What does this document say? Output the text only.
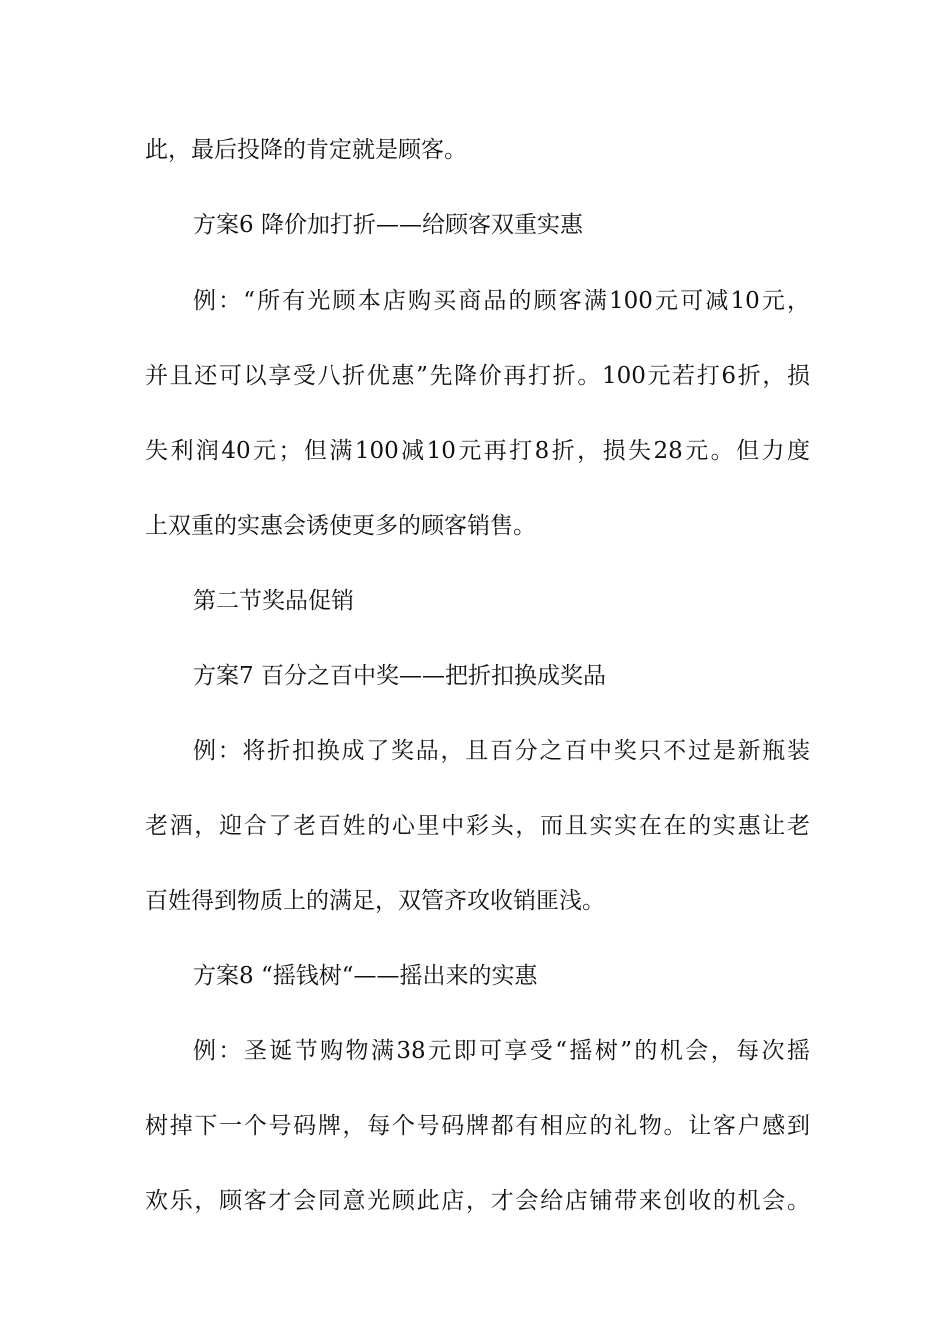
此，最后投降的肯定就是顾客。
方案6 降价加打折——给顾客双重实惠
例：“所有光顾本店购买商品的顾客满100元可减10元，
并且还可以享受八折优惠”先降价再打折。100元若打6折，损
失利润40元；但满100减10元再打8折，损失28元。但力度
上双重的实惠会诱使更多的顾客销售。
第二节奖品促销
方案7 百分之百中奖——把折扣换成奖品
例：将折扣换成了奖品，且百分之百中奖只不过是新瓶装
老酒，迎合了老百姓的心里中彩头，而且实实在在的实惠让老
百姓得到物质上的满足，双管齐攻收销匪浅。
方案8 “摇钱树“——摇出来的实惠
例：圣诞节购物满38元即可享受“摇树”的机会，每次摇
树掉下一个号码牌，每个号码牌都有相应的礼物。让客户感到
欢乐，顾客才会同意光顾此店，才会给店铺带来创收的机会。
